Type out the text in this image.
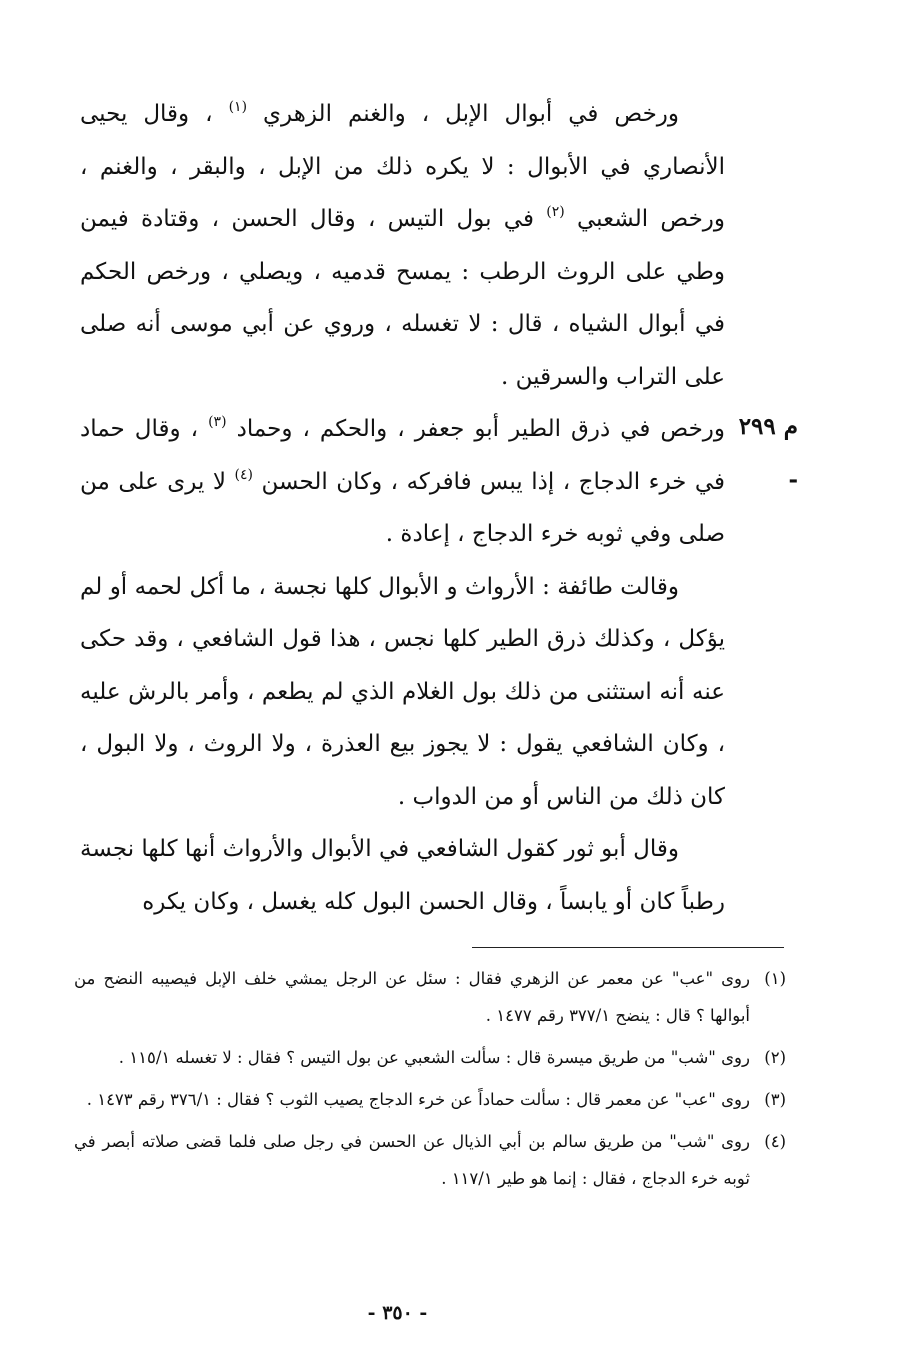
ورخص في أبوال الإبل ، والغنم الزهري $^{(١)}$ ، وقال يحيى الأنصاري في الأبوال : لا يكره ذلك من الإبل ، والبقر ، والغنم ، ورخص الشعبي $^{(٢)}$ في بول التيس ، وقال الحسن ، وقتادة فيمن وطي على الروث الرطب : يمسح قدميه ، ويصلي ، ورخص الحكم في أبوال الشياه ، قال : لا تغسله ، وروي عن أبي موسى أنه صلى على التراب والسرقين .

ورخص في ذرق الطير أبو جعفر ، والحكم ، وحماد $^{(٣)}$ ، وقال حماد في خرء الدجاج ، إذا يبس فافركه ، وكان الحسن $^{(٤)}$ لا يرى على من صلى وفي ثوبه خرء الدجاج ، إعادة .

وقالت طائفة : الأرواث و الأبوال كلها نجسة ، ما أكل لحمه أو لم يؤكل ، وكذلك ذرق الطير كلها نجس ، هذا قول الشافعي ، وقد حكى عنه أنه استثنى من ذلك بول الغلام الذي لم يطعم ، وأمر بالرش عليه ، وكان الشافعي يقول : لا يجوز بيع العذرة ، ولا الروث ، ولا البول ، كان ذلك من الناس أو من الدواب .

وقال أبو ثور كقول الشافعي في الأبوال والأرواث أنها كلها نجسة رطباً كان أو يابساً ، وقال الحسن البول كله يغسل ، وكان يكره

م ٢٩٩ -
(١)
روى "عب" عن معمر عن الزهري فقال : سئل عن الرجل يمشي خلف الإبل فيصيبه النضح من أبوالها ؟ قال : ينضح ٣٧٧/١ رقم ١٤٧٧ .
(٢)
روى "شب" من طريق ميسرة قال : سألت الشعبي عن بول التيس ؟ فقال : لا تغسله ١١٥/١ .
(٣)
روى "عب" عن معمر قال : سألت حماداً عن خرء الدجاج يصيب الثوب ؟ فقال : ٣٧٦/١ رقم ١٤٧٣ .
(٤)
روى "شب" من طريق سالم بن أبي الذيال عن الحسن في رجل صلى فلما قضى صلاته أبصر في ثوبه خرء الدجاج ، فقال : إنما هو طير ١١٧/١ .
- ٣٥٠ -
